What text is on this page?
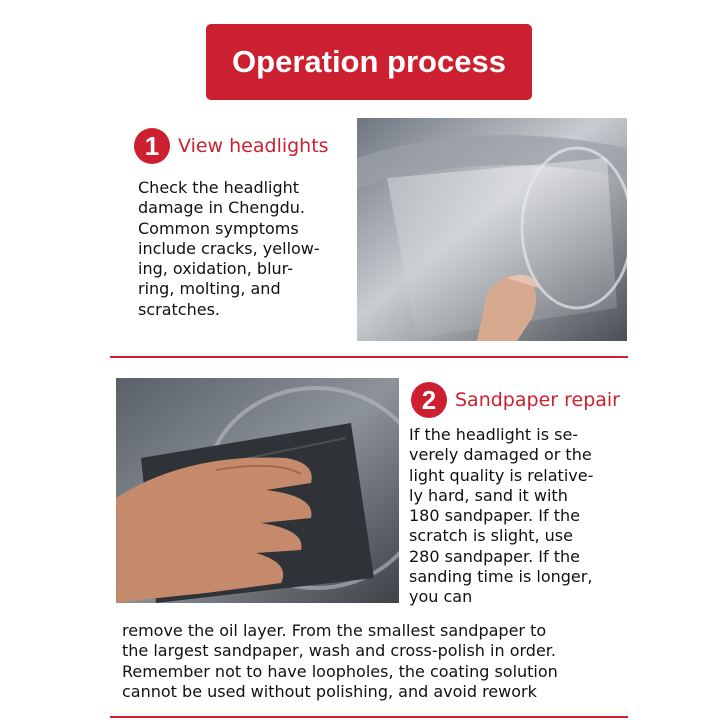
Operation process
1 View headlights
Check the headlight
damage in Chengdu.
Common symptoms
include cracks, yellow-
ing, oxidation, blur-
ring, molting, and
scratches.
2 Sandpaper repair
If the headlight is se-
verely damaged or the
light quality is relative-
ly hard, sand it with
180 sandpaper. If the
scratch is slight, use
280 sandpaper. If the
sanding time is longer,
you can
remove the oil layer. From the smallest sandpaper to
the largest sandpaper, wash and cross-polish in order.
Remember not to have loopholes, the coating solution
cannot be used without polishing, and avoid rework
